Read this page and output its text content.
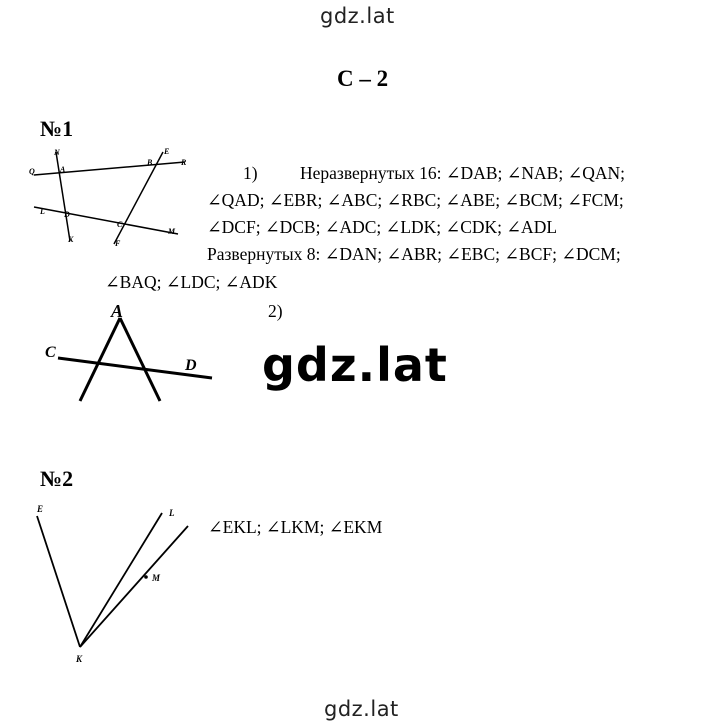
gdz.lat
С – 2
№1
N
Q	A
B
E
R
L D
C
M
K	F
1) Неразвернутых 16: ∠DAB; ∠NAB; ∠QAN;
∠QAD; ∠EBR; ∠ABC; ∠RBC; ∠ABE; ∠BCM; ∠FCM;
∠DCF; ∠DCB; ∠ADC; ∠LDK; ∠CDK; ∠ADL
Развернутых 8: ∠DAN; ∠ABR; ∠EBC; ∠BCF; ∠DCM;
∠BAQ; ∠LDC; ∠ADK
A
C
D
2)
gdz.lat
№2
E	L
M
K
∠EKL; ∠LKM; ∠EKM
gdz.lat
